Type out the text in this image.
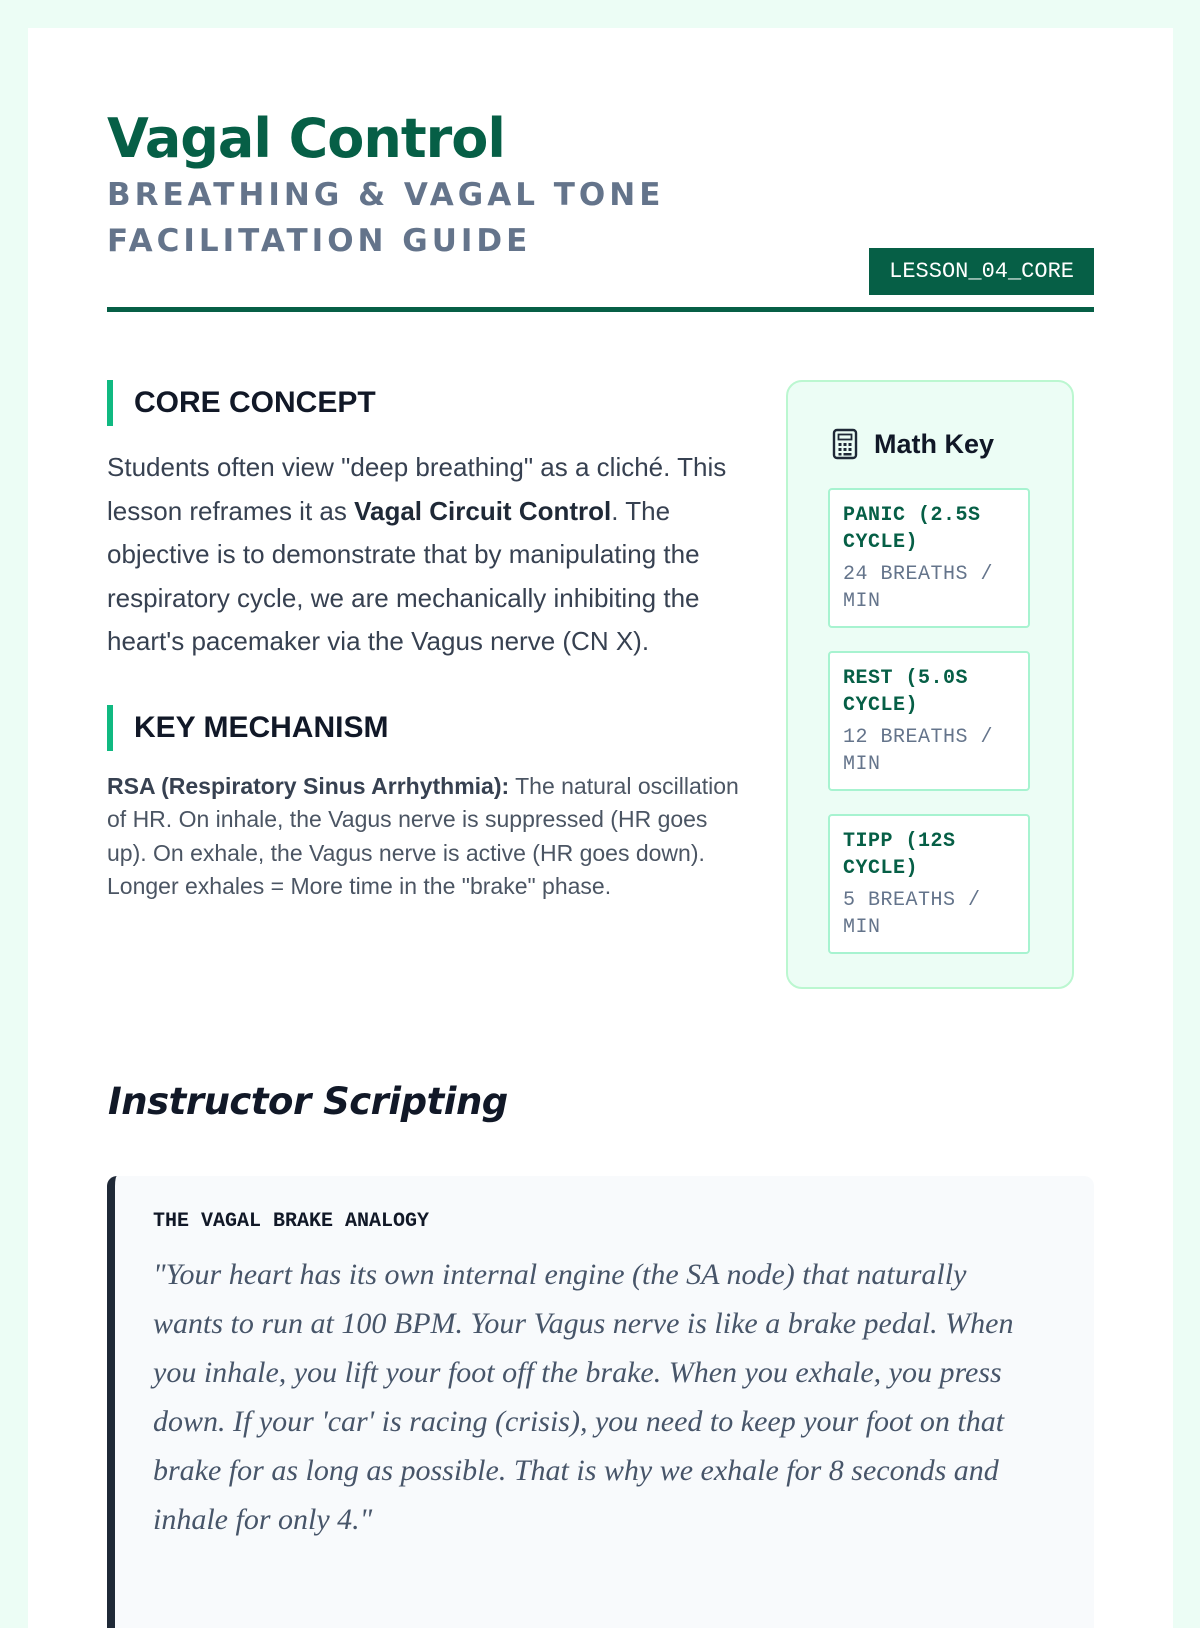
Vagal Control
BREATHING & VAGAL TONE FACILITATION GUIDE
LESSON_04_CORE
CORE CONCEPT
Students often view "deep breathing" as a cliché. This lesson reframes it as Vagal Circuit Control. The objective is to demonstrate that by manipulating the respiratory cycle, we are mechanically inhibiting the heart's pacemaker via the Vagus nerve (CN X).
KEY MECHANISM
RSA (Respiratory Sinus Arrhythmia): The natural oscillation of HR. On inhale, the Vagus nerve is suppressed (HR goes up). On exhale, the Vagus nerve is active (HR goes down). Longer exhales = More time in the "brake" phase.
Math Key
PANIC (2.5S CYCLE)
24 BREATHS / MIN
REST (5.0S CYCLE)
12 BREATHS / MIN
TIPP (12S CYCLE)
5 BREATHS / MIN
Instructor Scripting
THE VAGAL BRAKE ANALOGY
"Your heart has its own internal engine (the SA node) that naturally wants to run at 100 BPM. Your Vagus nerve is like a brake pedal. When you inhale, you lift your foot off the brake. When you exhale, you press down. If your 'car' is racing (crisis), you need to keep your foot on that brake for as long as possible. That is why we exhale for 8 seconds and inhale for only 4."
